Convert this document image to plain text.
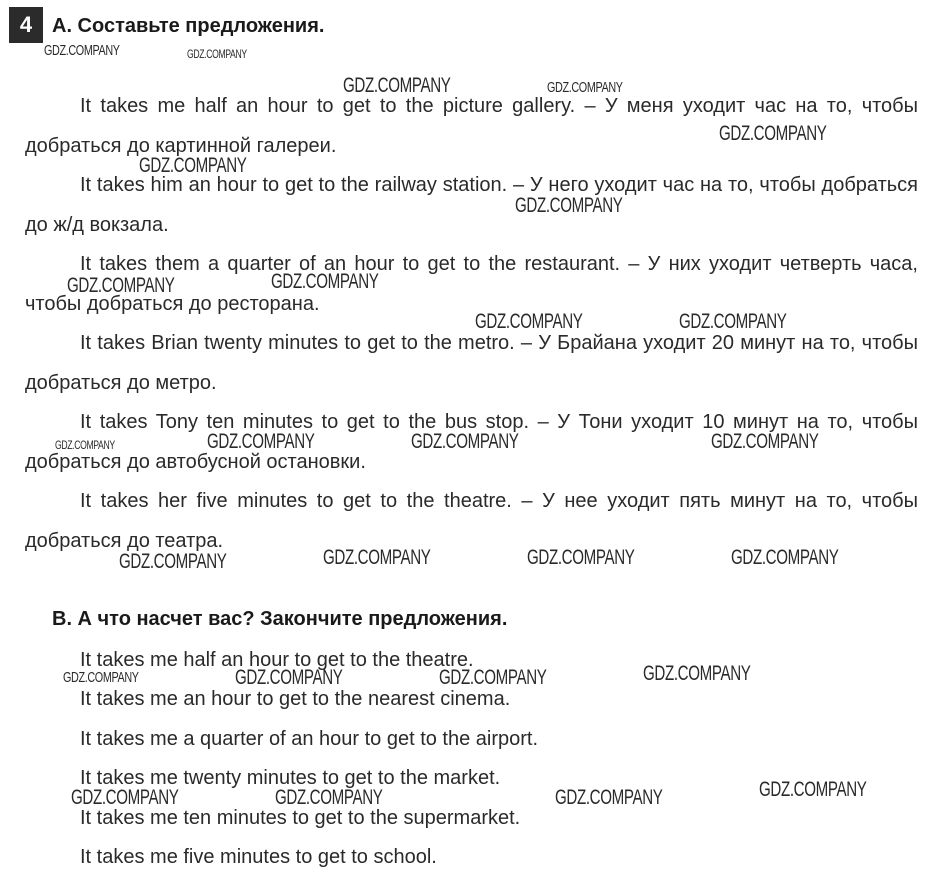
4 A. Составьте предложения.

It takes me half an hour to get to the picture gallery. – У меня уходит час на то, чтобы добраться до картинной галереи.

It takes him an hour to get to the railway station. – У него уходит час на то, чтобы добраться до ж/д вокзала.

It takes them a quarter of an hour to get to the restaurant. – У них уходит четверть часа, чтобы добраться до ресторана.

It takes Brian twenty minutes to get to the metro. – У Брайана уходит 20 минут на то, чтобы добраться до метро.

It takes Tony ten minutes to get to the bus stop. – У Тони уходит 10 минут на то, чтобы добраться до автобусной остановки.

It takes her five minutes to get to the theatre. – У нее уходит пять минут на то, чтобы добраться до театра.

B. А что насчет вас? Закончите предложения.
It takes me half an hour to get to the theatre.
It takes me an hour to get to the nearest cinema.
It takes me a quarter of an hour to get to the airport.
It takes me twenty minutes to get to the market.
It takes me ten minutes to get to the supermarket.
It takes me five minutes to get to school.
GDZ.COMPANY	GDZ.COMPANY
GDZ.COMPANY	GDZ.COMPANY
GDZ.COMPANY
GDZ.COMPANY
GDZ.COMPANY
GDZ.COMPANY	GDZ.COMPANY
GDZ.COMPANY	GDZ.COMPANY
GDZ.COMPANY	GDZ.COMPANY	GDZ.COMPANY	GDZ.COMPANY
GDZ.COMPANY	GDZ.COMPANY	GDZ.COMPANY	GDZ.COMPANY
GDZ.COMPANY	GDZ.COMPANY	GDZ.COMPANY	GDZ.COMPANY
GDZ.COMPANY	GDZ.COMPANY	GDZ.COMPANY	GDZ.COMPANY
